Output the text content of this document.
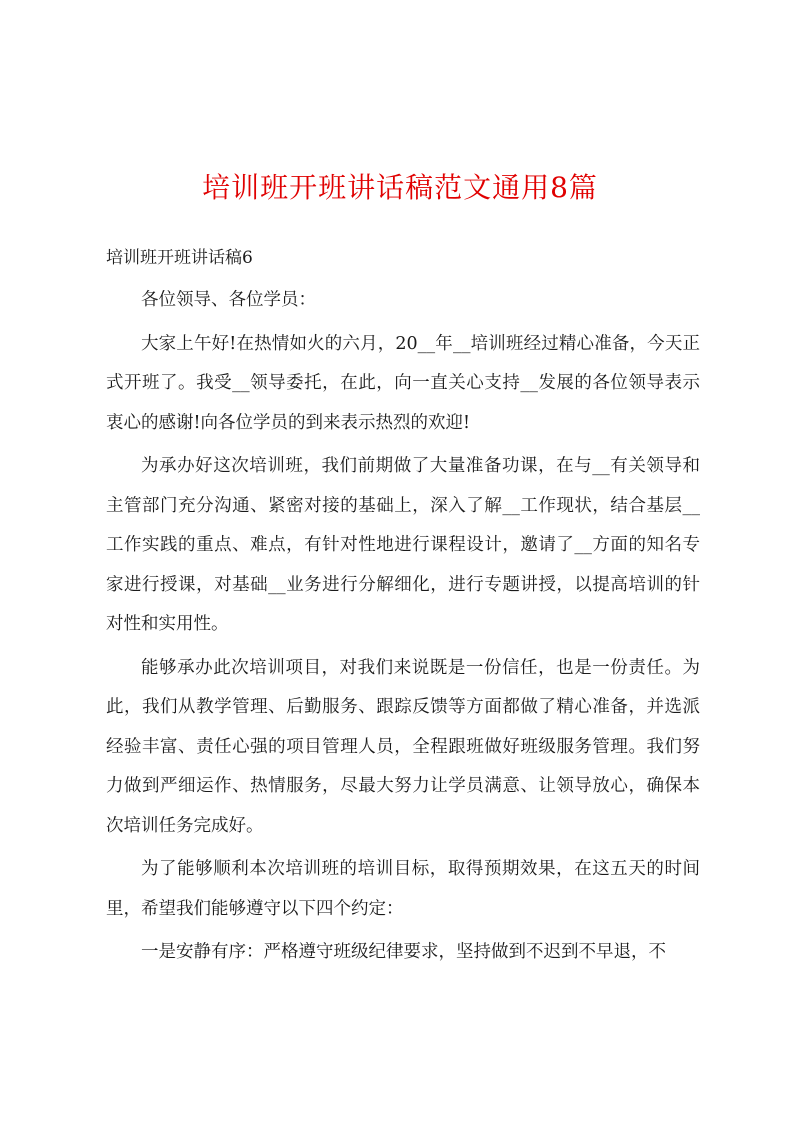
培训班开班讲话稿范文通用8篇
培训班开班讲话稿6

各位领导、各位学员：

大家上午好!在热情如火的六月，20__年__培训班经过精心准备，今天正式开班了。我受__领导委托，在此，向一直关心支持__发展的各位领导表示衷心的感谢!向各位学员的到来表示热烈的欢迎!

为承办好这次培训班，我们前期做了大量准备功课，在与__有关领导和主管部门充分沟通、紧密对接的基础上，深入了解__工作现状，结合基层__工作实践的重点、难点，有针对性地进行课程设计，邀请了__方面的知名专家进行授课，对基础__业务进行分解细化，进行专题讲授，以提高培训的针对性和实用性。

能够承办此次培训项目，对我们来说既是一份信任，也是一份责任。为此，我们从教学管理、后勤服务、跟踪反馈等方面都做了精心准备，并选派经验丰富、责任心强的项目管理人员，全程跟班做好班级服务管理。我们努力做到严细运作、热情服务，尽最大努力让学员满意、让领导放心，确保本次培训任务完成好。

为了能够顺利本次培训班的培训目标，取得预期效果，在这五天的时间里，希望我们能够遵守以下四个约定：

一是安静有序：严格遵守班级纪律要求，坚持做到不迟到不早退，不
